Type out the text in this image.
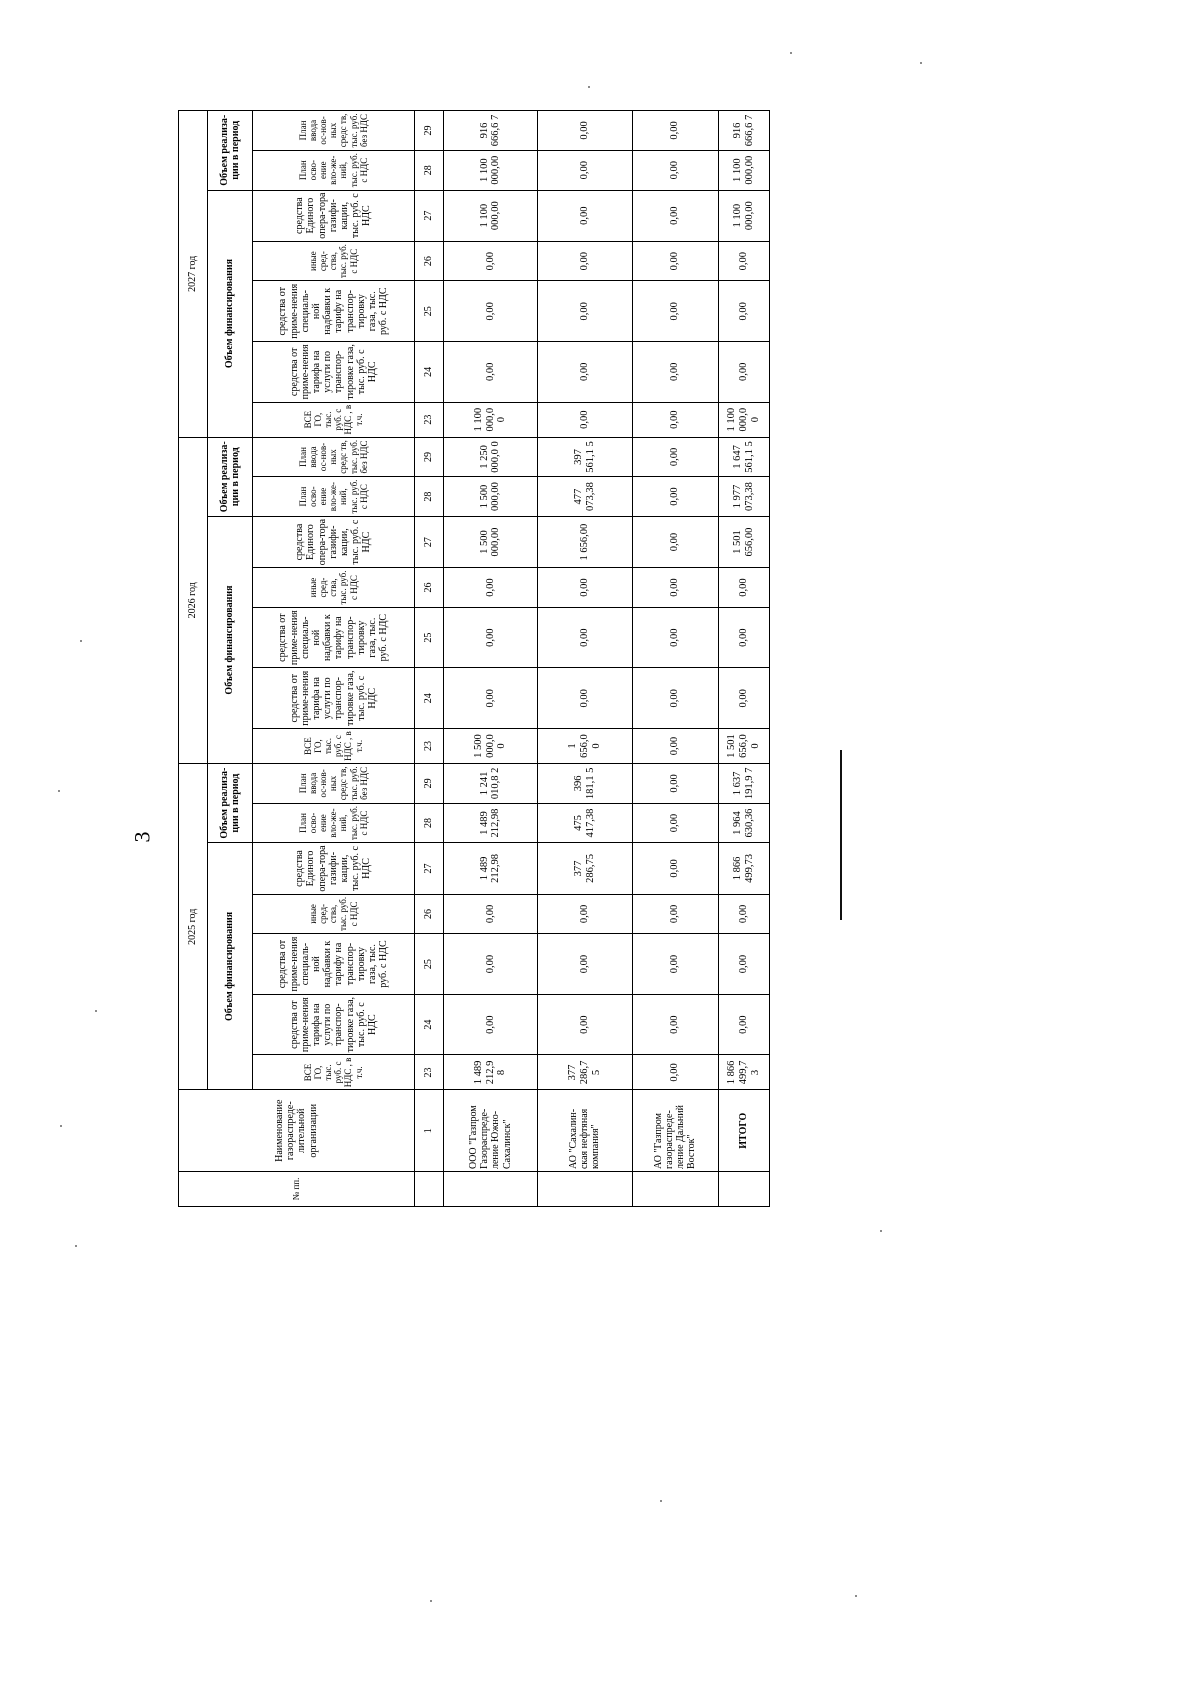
3
№ пп.	Наименование газораспреде-лительной организации	2025 год							2026 год							2027 год						
		Объем финансирования					Объем реализа-ции в период		Объем финансирования					Объем реализа-ции в период		Объем финансирования					Объем реализа-ции в период	
		ВСЕ ГО, тыс. руб. с НДС , в т.ч.	средства от приме-нения тарифа на услуги по транспор-тировке газа, тыс. руб. с НДС	средства от приме-нения специаль-ной надбавки к тарифу на транспор-тировку газа, тыс. руб. с НДС	иные сред-ства, тыс. руб. с НДС	средства Единого опера-тора газифи-кации, тыс. руб. с НДС	План осво-ение вло-же-ний, тыс. руб. с НДС	План ввода ос-нов-ных средс тв, тыс. руб. без НДС	ВСЕ ГО, тыс. руб. с НДС , в т.ч.	средства от приме-нения тарифа на услуги по транспор-тировке газа, тыс. руб. с НДС	средства от приме-нения специаль-ной надбавки к тарифу на транспор-тировку газа, тыс. руб. с НДС	иные сред-ства, тыс. руб. с НДС	средства Единого опера-тора газифи-кации, тыс. руб. с НДС	План осво-ение вло-же-ний, тыс. руб. с НДС	План ввода ос-нов-ных средс тв, тыс. руб. без НДС	ВСЕ ГО, тыс. руб. с НДС , в т.ч.	средства от приме-нения тарифа на услуги по транспор-тировке газа, тыс. руб. с НДС	средства от приме-нения специаль-ной надбавки к тарифу на транспор-тировку газа, тыс. руб. с НДС	иные сред-ства, тыс. руб. с НДС	средства Единого опера-тора газифи-кации, тыс. руб. с НДС	План осво-ение вло-же-ний, тыс. руб. с НДС	План ввода ос-нов-ных средс тв, тыс. руб. без НДС
	1	23	24	25	26	27	28	29	23	24	25	26	27	28	29	23	24	25	26	27	28	29
	ООО "Газпром Газораспреде-ление Южно-Сахалинск"	1 489 212,9 8	0,00	0,00	0,00	1 489 212,98	1 489 212,98	1 241 010,8 2	1 500 000,0 0	0,00	0,00	0,00	1 500 000,00	1 500 000,00	1 250 000,0 0	1 100 000,0 0	0,00	0,00	0,00	1 100 000,00	1 100 000,00	916 666,6 7
	АО "Сахалин-ская нефтяная компания"	377 286,7 5	0,00	0,00	0,00	377 286,75	475 417,38	396 181,1 5	1 656,0 0	0,00	0,00	0,00	1 656,00	477 073,38	397 561,1 5	0,00	0,00	0,00	0,00	0,00	0,00	0,00
	АО "Газпром газораспреде-ление Дальний Восток"	0,00	0,00	0,00	0,00	0,00	0,00	0,00	0,00	0,00	0,00	0,00	0,00	0,00	0,00	0,00	0,00	0,00	0,00	0,00	0,00	0,00
	ИТОГО	1 866 499,7 3	0,00	0,00	0,00	1 866 499,73	1 964 630,36	1 637 191,9 7	1 501 656,0 0	0,00	0,00	0,00	1 501 656,00	1 977 073,38	1 647 561,1 5	1 100 000,0 0	0,00	0,00	0,00	1 100 000,00	1 100 000,00	916 666,6 7
